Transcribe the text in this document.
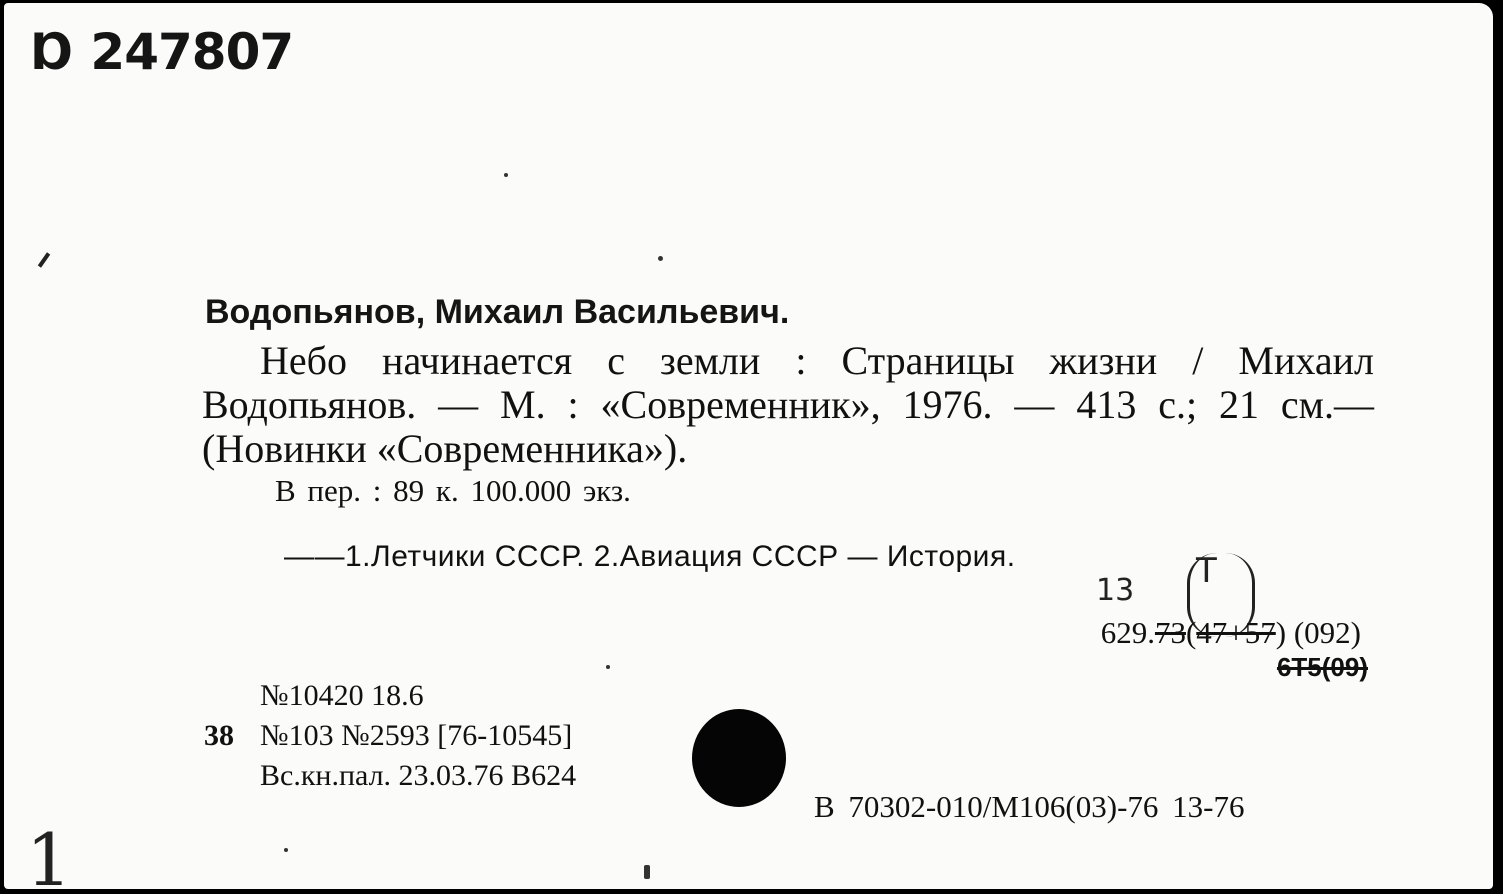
Ɒ 247807
Водопьянов, Михаил Васильевич.

Небо начинается с земли : Страницы жизни / Михаил Водопьянов. — М. : «Современник», 1976. — 413 с.; 21 см.— (Новинки «Современника»).

В пер. : 89 к. 100.000 экз.
——1.Летчики СССР. 2.Авиация СССР — История.
13 Т
629.73(47+57) (092)
6Т5(09)
№10420 18.6
38 №103 №2593 [76-10545]
Вс.кн.пал. 23.03.76 В624
В 70302-010/М106(03)-76 13-76
1
